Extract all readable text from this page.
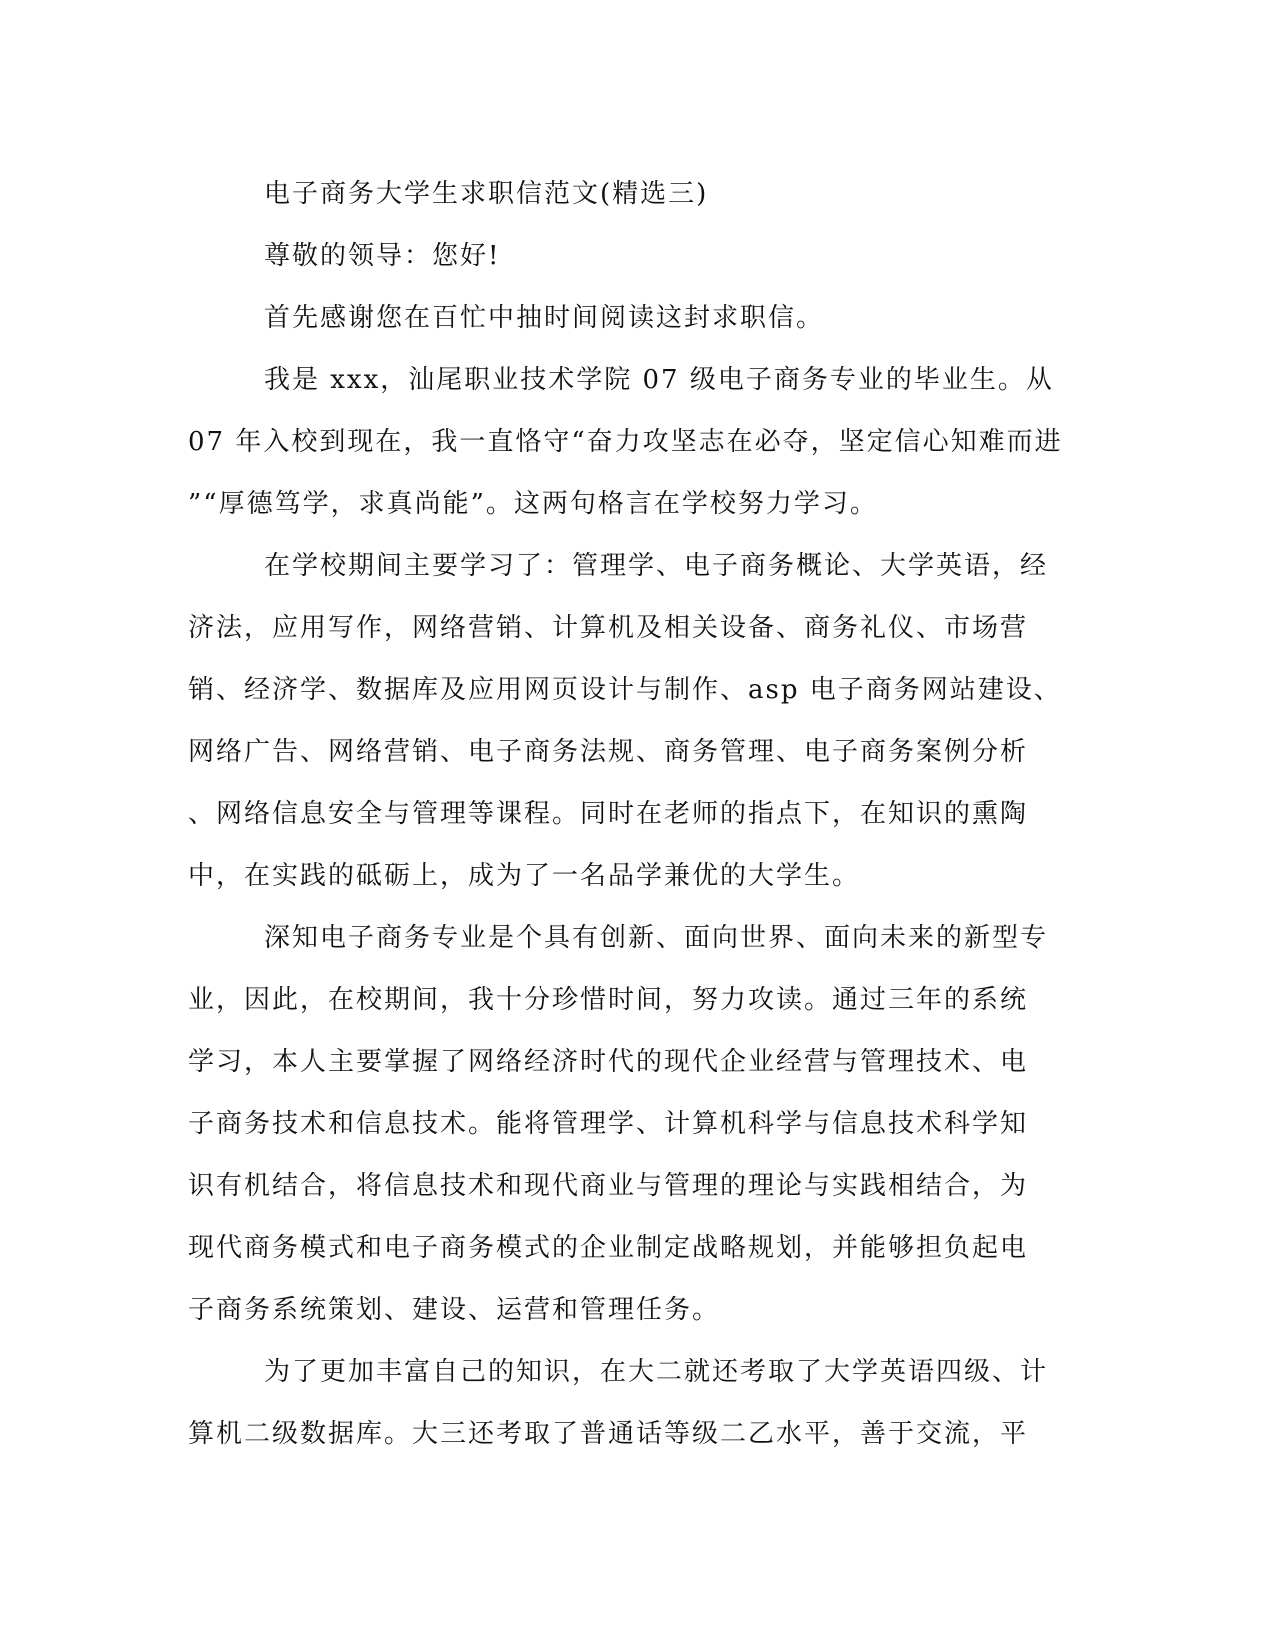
电子商务大学生求职信范文(精选三)
尊敬的领导：您好!
首先感谢您在百忙中抽时间阅读这封求职信。
我是 xxx，汕尾职业技术学院 07 级电子商务专业的毕业生。从
07 年入校到现在，我一直恪守“奋力攻坚志在必夺，坚定信心知难而进
”“厚德笃学，求真尚能”。这两句格言在学校努力学习。
在学校期间主要学习了：管理学、电子商务概论、大学英语，经
济法，应用写作，网络营销、计算机及相关设备、商务礼仪、市场营
销、经济学、数据库及应用网页设计与制作、asp 电子商务网站建设、
网络广告、网络营销、电子商务法规、商务管理、电子商务案例分析
、网络信息安全与管理等课程。同时在老师的指点下，在知识的熏陶
中，在实践的砥砺上，成为了一名品学兼优的大学生。
深知电子商务专业是个具有创新、面向世界、面向未来的新型专
业，因此，在校期间，我十分珍惜时间，努力攻读。通过三年的系统
学习，本人主要掌握了网络经济时代的现代企业经营与管理技术、电
子商务技术和信息技术。能将管理学、计算机科学与信息技术科学知
识有机结合，将信息技术和现代商业与管理的理论与实践相结合，为
现代商务模式和电子商务模式的企业制定战略规划，并能够担负起电
子商务系统策划、建设、运营和管理任务。
为了更加丰富自己的知识，在大二就还考取了大学英语四级、计
算机二级数据库。大三还考取了普通话等级二乙水平，善于交流，平
